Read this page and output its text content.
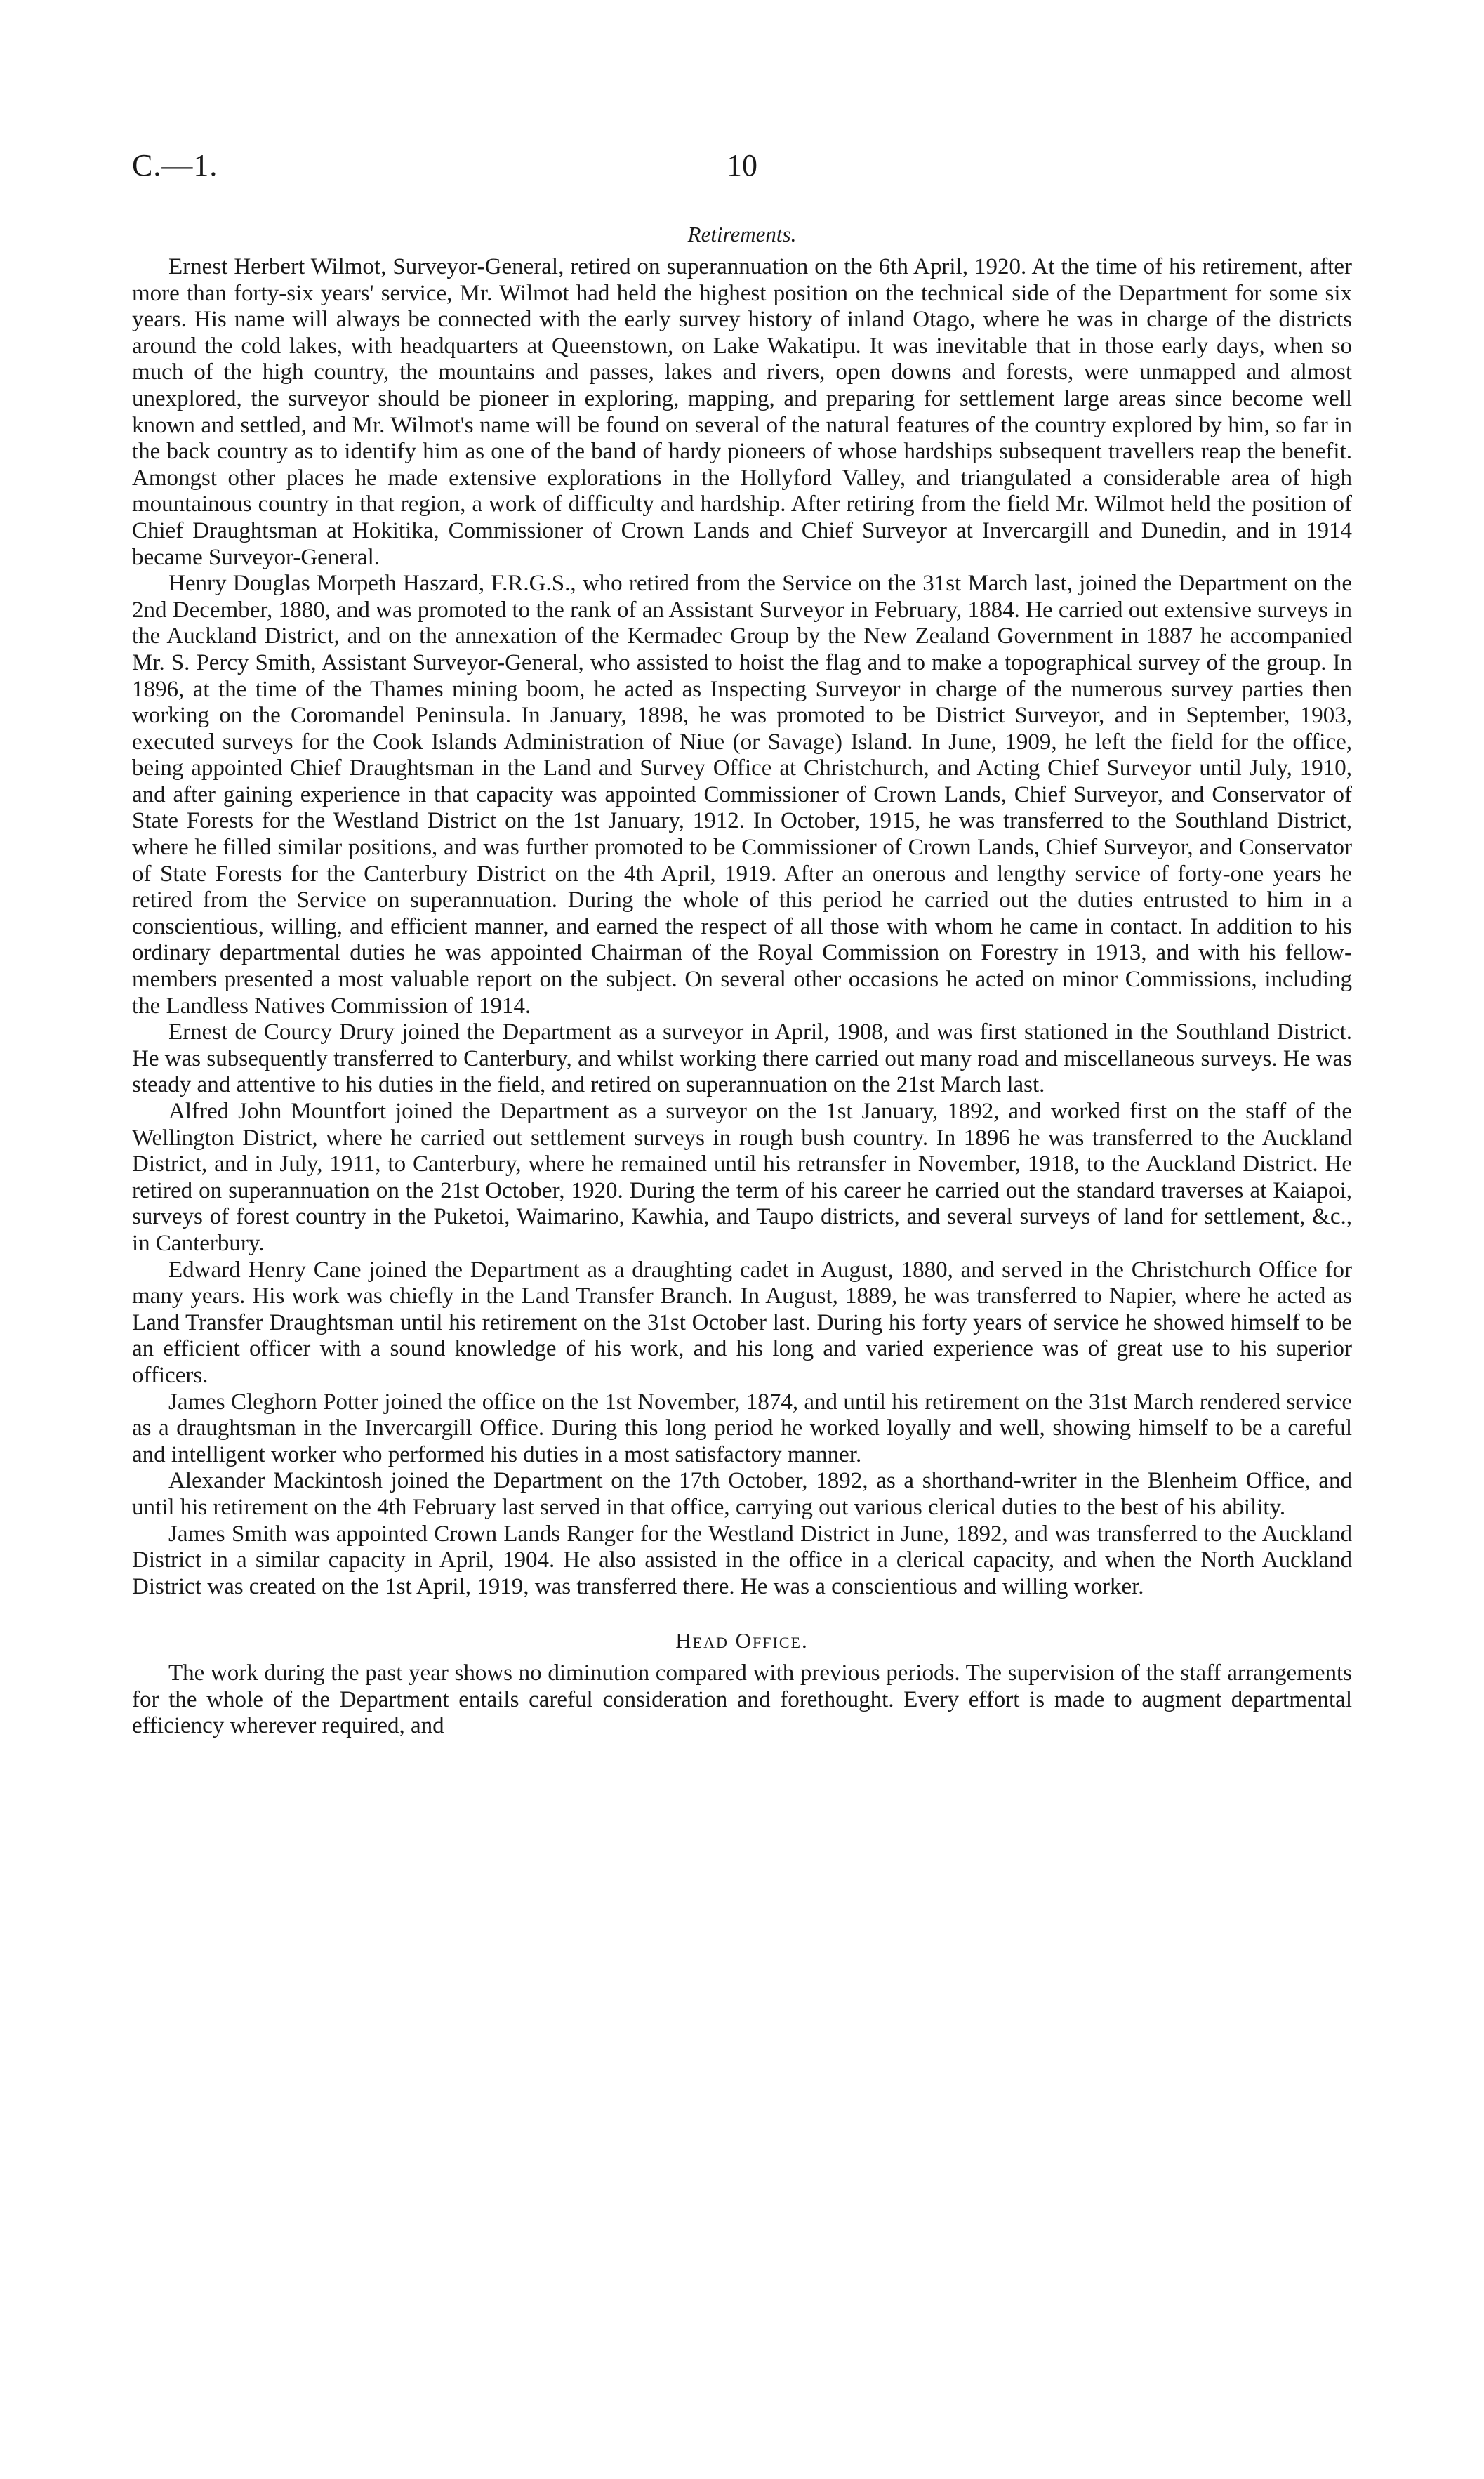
C.—1.	10
Retirements.

Ernest Herbert Wilmot, Surveyor-General, retired on superannuation on the 6th April, 1920. At the time of his retirement, after more than forty-six years' service, Mr. Wilmot had held the highest position on the technical side of the Department for some six years. His name will always be connected with the early survey history of inland Otago, where he was in charge of the districts around the cold lakes, with headquarters at Queenstown, on Lake Wakatipu. It was inevitable that in those early days, when so much of the high country, the mountains and passes, lakes and rivers, open downs and forests, were unmapped and almost unexplored, the surveyor should be pioneer in exploring, mapping, and preparing for settlement large areas since become well known and settled, and Mr. Wilmot's name will be found on several of the natural features of the country explored by him, so far in the back country as to identify him as one of the band of hardy pioneers of whose hardships subsequent travellers reap the benefit. Amongst other places he made extensive explorations in the Hollyford Valley, and triangulated a considerable area of high mountainous country in that region, a work of difficulty and hardship. After retiring from the field Mr. Wilmot held the position of Chief Draughtsman at Hokitika, Commissioner of Crown Lands and Chief Surveyor at Invercargill and Dunedin, and in 1914 became Surveyor-General.

Henry Douglas Morpeth Haszard, F.R.G.S., who retired from the Service on the 31st March last, joined the Department on the 2nd December, 1880, and was promoted to the rank of an Assistant Surveyor in February, 1884. He carried out extensive surveys in the Auckland District, and on the annexation of the Kermadec Group by the New Zealand Government in 1887 he accompanied Mr. S. Percy Smith, Assistant Surveyor-General, who assisted to hoist the flag and to make a topographical survey of the group. In 1896, at the time of the Thames mining boom, he acted as Inspecting Surveyor in charge of the numerous survey parties then working on the Coromandel Peninsula. In January, 1898, he was promoted to be District Surveyor, and in September, 1903, executed surveys for the Cook Islands Administration of Niue (or Savage) Island. In June, 1909, he left the field for the office, being appointed Chief Draughtsman in the Land and Survey Office at Christchurch, and Acting Chief Surveyor until July, 1910, and after gaining experience in that capacity was appointed Commissioner of Crown Lands, Chief Surveyor, and Conservator of State Forests for the Westland District on the 1st January, 1912. In October, 1915, he was transferred to the Southland District, where he filled similar positions, and was further promoted to be Commissioner of Crown Lands, Chief Surveyor, and Conservator of State Forests for the Canterbury District on the 4th April, 1919. After an onerous and lengthy service of forty-one years he retired from the Service on superannuation. During the whole of this period he carried out the duties entrusted to him in a conscientious, willing, and efficient manner, and earned the respect of all those with whom he came in contact. In addition to his ordinary departmental duties he was appointed Chairman of the Royal Commission on Forestry in 1913, and with his fellow-members presented a most valuable report on the subject. On several other occasions he acted on minor Commissions, including the Landless Natives Commission of 1914.

Ernest de Courcy Drury joined the Department as a surveyor in April, 1908, and was first stationed in the Southland District. He was subsequently transferred to Canterbury, and whilst working there carried out many road and miscellaneous surveys. He was steady and attentive to his duties in the field, and retired on superannuation on the 21st March last.

Alfred John Mountfort joined the Department as a surveyor on the 1st January, 1892, and worked first on the staff of the Wellington District, where he carried out settlement surveys in rough bush country. In 1896 he was transferred to the Auckland District, and in July, 1911, to Canterbury, where he remained until his retransfer in November, 1918, to the Auckland District. He retired on superannuation on the 21st October, 1920. During the term of his career he carried out the standard traverses at Kaiapoi, surveys of forest country in the Puketoi, Waimarino, Kawhia, and Taupo districts, and several surveys of land for settlement, &c., in Canterbury.

Edward Henry Cane joined the Department as a draughting cadet in August, 1880, and served in the Christchurch Office for many years. His work was chiefly in the Land Transfer Branch. In August, 1889, he was transferred to Napier, where he acted as Land Transfer Draughtsman until his retirement on the 31st October last. During his forty years of service he showed himself to be an efficient officer with a sound knowledge of his work, and his long and varied experience was of great use to his superior officers.

James Cleghorn Potter joined the office on the 1st November, 1874, and until his retirement on the 31st March rendered service as a draughtsman in the Invercargill Office. During this long period he worked loyally and well, showing himself to be a careful and intelligent worker who performed his duties in a most satisfactory manner.

Alexander Mackintosh joined the Department on the 17th October, 1892, as a shorthand-writer in the Blenheim Office, and until his retirement on the 4th February last served in that office, carrying out various clerical duties to the best of his ability.

James Smith was appointed Crown Lands Ranger for the Westland District in June, 1892, and was transferred to the Auckland District in a similar capacity in April, 1904. He also assisted in the office in a clerical capacity, and when the North Auckland District was created on the 1st April, 1919, was transferred there. He was a conscientious and willing worker.

Head Office.

The work during the past year shows no diminution compared with previous periods. The supervision of the staff arrangements for the whole of the Department entails careful consideration and forethought. Every effort is made to augment departmental efficiency wherever required, and
